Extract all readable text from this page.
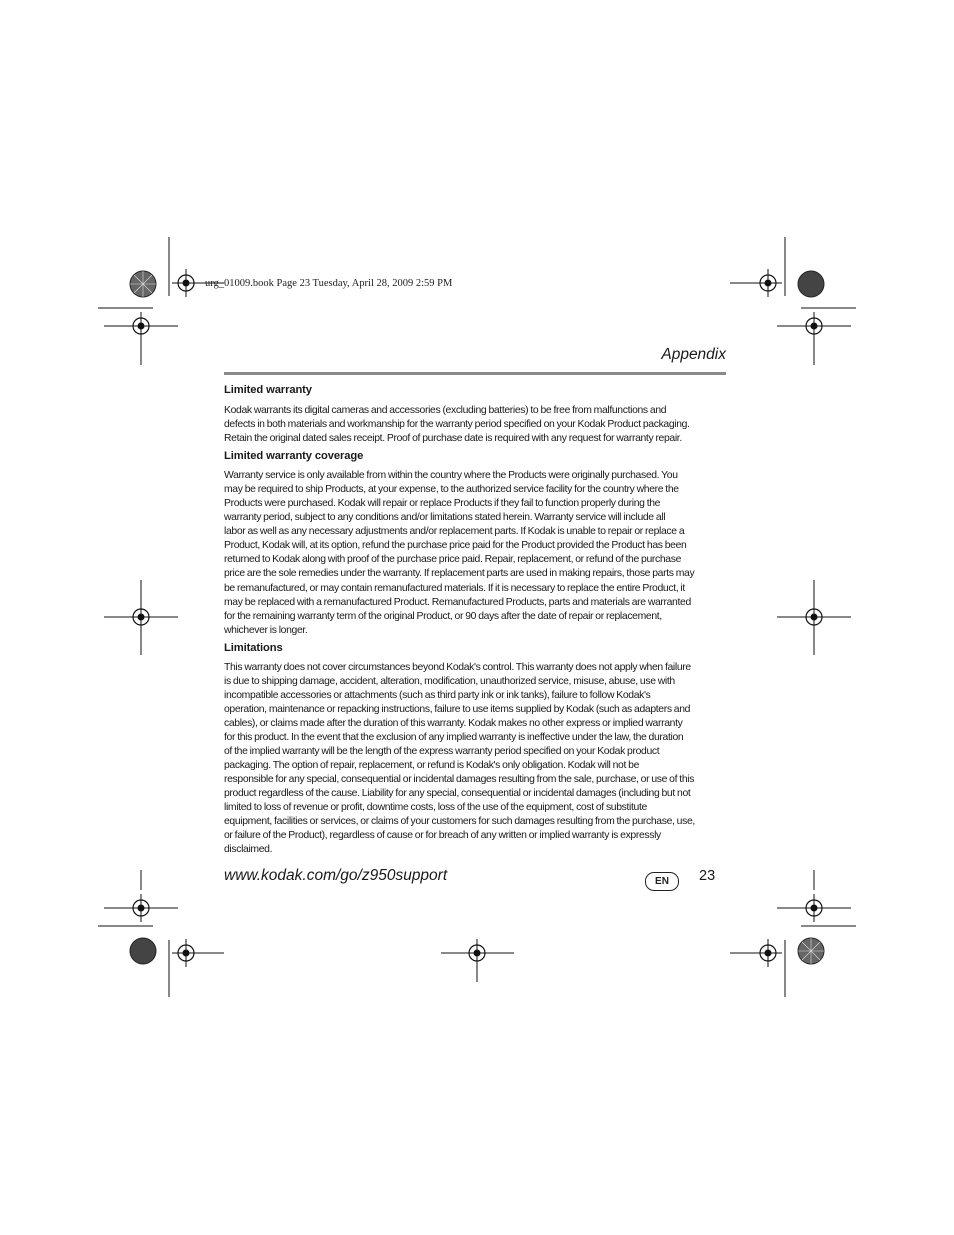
urg_01009.book Page 23 Tuesday, April 28, 2009 2:59 PM
Appendix
Limited warranty
Kodak warrants its digital cameras and accessories (excluding batteries) to be free from malfunctions and
defects in both materials and workmanship for the warranty period specified on your Kodak Product packaging.
Retain the original dated sales receipt. Proof of purchase date is required with any request for warranty repair.
Limited warranty coverage
Warranty service is only available from within the country where the Products were originally purchased. You
may be required to ship Products, at your expense, to the authorized service facility for the country where the
Products were purchased. Kodak will repair or replace Products if they fail to function properly during the
warranty period, subject to any conditions and/or limitations stated herein. Warranty service will include all
labor as well as any necessary adjustments and/or replacement parts. If Kodak is unable to repair or replace a
Product, Kodak will, at its option, refund the purchase price paid for the Product provided the Product has been
returned to Kodak along with proof of the purchase price paid. Repair, replacement, or refund of the purchase
price are the sole remedies under the warranty. If replacement parts are used in making repairs, those parts may
be remanufactured, or may contain remanufactured materials. If it is necessary to replace the entire Product, it
may be replaced with a remanufactured Product. Remanufactured Products, parts and materials are warranted
for the remaining warranty term of the original Product, or 90 days after the date of repair or replacement,
whichever is longer.
Limitations
This warranty does not cover circumstances beyond Kodak's control. This warranty does not apply when failure
is due to shipping damage, accident, alteration, modification, unauthorized service, misuse, abuse, use with
incompatible accessories or attachments (such as third party ink or ink tanks), failure to follow Kodak's
operation, maintenance or repacking instructions, failure to use items supplied by Kodak (such as adapters and
cables), or claims made after the duration of this warranty. Kodak makes no other express or implied warranty
for this product. In the event that the exclusion of any implied warranty is ineffective under the law, the duration
of the implied warranty will be the length of the express warranty period specified on your Kodak product
packaging. The option of repair, replacement, or refund is Kodak's only obligation. Kodak will not be
responsible for any special, consequential or incidental damages resulting from the sale, purchase, or use of this
product regardless of the cause. Liability for any special, consequential or incidental damages (including but not
limited to loss of revenue or profit, downtime costs, loss of the use of the equipment, cost of substitute
equipment, facilities or services, or claims of your customers for such damages resulting from the purchase, use,
or failure of the Product), regardless of cause or for breach of any written or implied warranty is expressly
disclaimed.
www.kodak.com/go/z950support	EN	23
